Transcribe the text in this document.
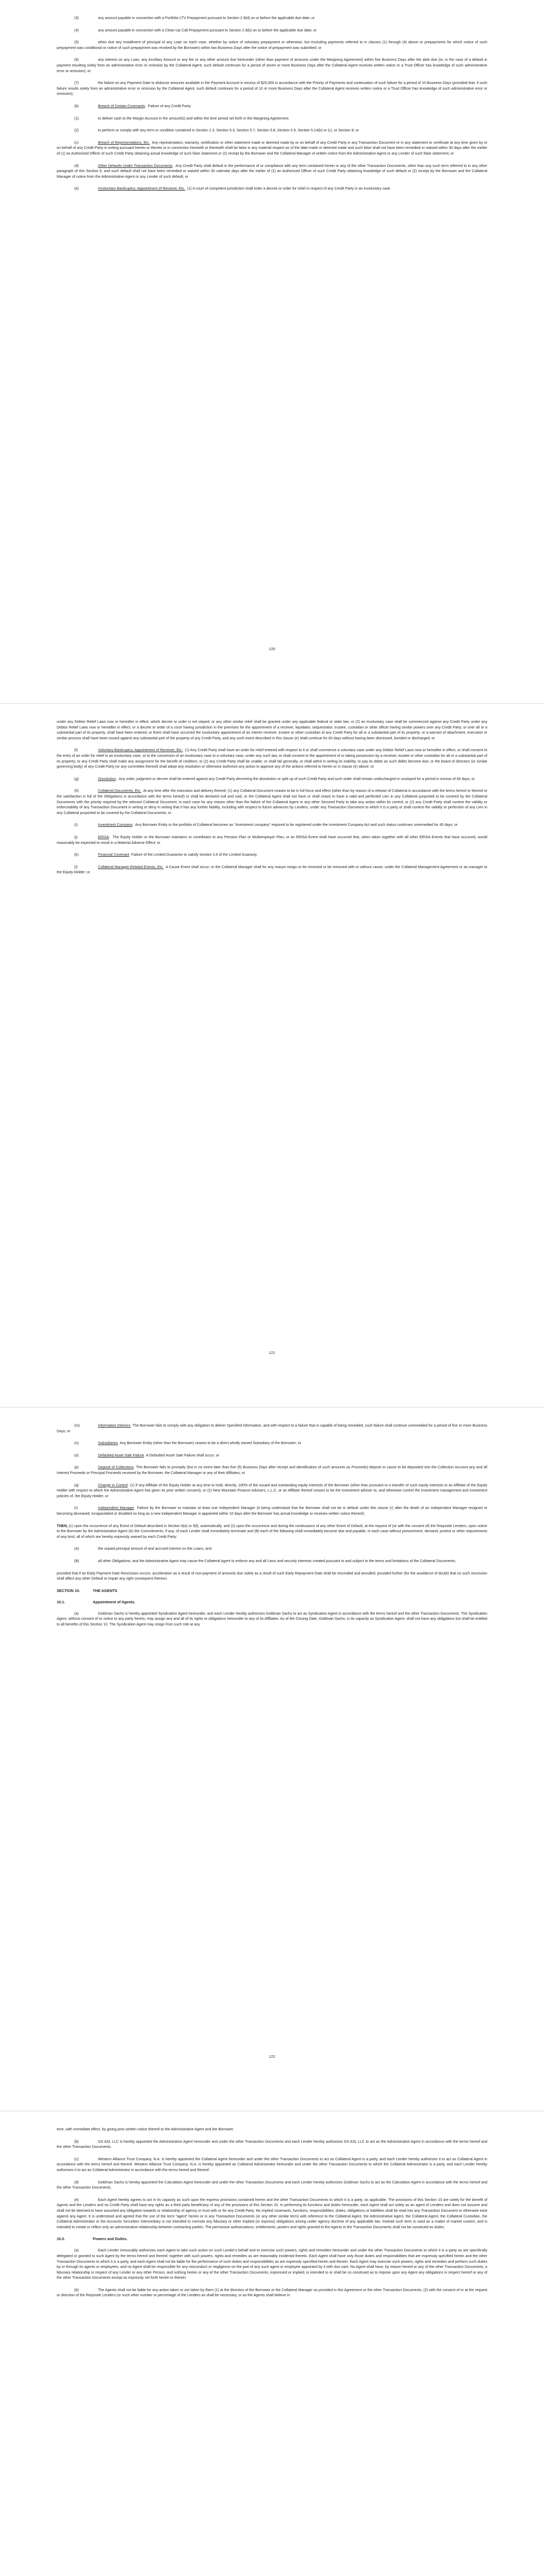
(3)	any amount payable in connection with a Portfolio LTV Prepayment pursuant to Section 2.9(d) on or before the applicable due date; or

(4)	any amount payable in connection with a Clean-Up Call Prepayment pursuant to Section 2.9(b) on or before the applicable due date; or

(5)	when due any installment of principal of any Loan on each case, whether by notice of voluntary prepayment or otherwise, but excluding payments referred to in clauses (1) through (4) above or prepayments for which notice of such prepayment was conditional or notice of such prepayment was revoked by the Borrower) within two Business Days after the notice of prepayment was submitted; or

(6)	any interest on any Loan, any Ancillary Amount or any fee or any other amount due hereunder (other than payment of amounts under the Margining Agreement) within five Business Days after the date due (or, in the case of a default in payment resulting solely from an administrative error or omission by the Collateral Agent, such default continues for a period of seven or more Business Days after the Collateral Agent receives written notice or a Trust Officer has knowledge of such administrative error or omission); or

(7)	the failure on any Payment Date to disburse amounts available in the Payment Account in excess of $25,000 in accordance with the Priority of Payments and continuation of such failure for a period of 10 Business Days (provided that, if such failure results solely from an administrative error or omission by the Collateral Agent, such default continues for a period of 10 or more Business Days after the Collateral Agent receives written notice or a Trust Officer has knowledge of such administrative error or omission);

(b)	Breach of Certain Covenants.  Failure of any Credit Party:

(1)	to deliver cash to the Margin Account in the amount(s) and within the time period set forth in the Margining Agreement;

(2)	to perform or comply with any term or condition contained in Section 2.3, Section 5.3, Section 5.7, Section 5.8, Section 5.9, Section 5.14(b) or (c), or Section 8; or

(c)	Breach of Representations, Etc.  Any representation, warranty, certification or other statement made or deemed made by or on behalf of any Credit Party in any Transaction Document or in any statement or certificate at any time given by or on behalf of any Credit Party in writing pursuant hereto or thereto or in connection herewith or therewith shall be false in any material respect as of the date made or deemed made and such false shall not have been remedied or waived within 30 days after the earlier of (1) an Authorized Officer of such Credit Party obtaining actual knowledge of such false statement or (2) receipt by the Borrower and the Collateral Manager of written notice from the Administrative Agent or any Lender of such false statement; or

(d)	Other Defaults Under Transaction Documents.  Any Credit Party shall default in the performance of or compliance with any term contained herein or any of the other Transaction Documents, other than any such term referred to in any other paragraph of this Section 9, and such default shall not have been remedied or waived within 30 calendar days after the earlier of (1) an Authorized Officer of such Credit Party obtaining knowledge of such default or (2) receipt by the Borrower and the Collateral Manager of notice from the Administrative Agent or any Lender of such default; or

(e)	Involuntary Bankruptcy; Appointment of Receiver, Etc.  (1) A court of competent jurisdiction shall enter a decree or order for relief in respect of any Credit Party in an involuntary case

120

under any Debtor Relief Laws now or hereafter in effect, which decree or order is not stayed; or any other similar relief shall be granted under any applicable federal or state law; or (2) an involuntary case shall be commenced against any Credit Party under any Debtor Relief Laws now or hereafter in effect; or a decree or order of a court having jurisdiction in the premises for the appointment of a receiver, liquidator, sequestrator, trustee, custodian or other officer having similar powers over any Credit Party, or over all or a substantial part of its property, shall have been entered; or there shall have occurred the involuntary appointment of an interim receiver, trustee or other custodian of any Credit Party for all or a substantial part of its property; or a warrant of attachment, execution or similar process shall have been issued against any substantial part of the property of any Credit Party, and any such event described in this clause (e) shall continue for 60 days without having been dismissed, bonded or discharged; or

(f)	Voluntary Bankruptcy; Appointment of Receiver, Etc.  (1) Any Credit Party shall have an order for relief entered with respect to it or shall commence a voluntary case under any Debtor Relief Laws now or hereafter in effect, or shall consent to the entry of an order for relief in an involuntary case, or to the conversion of an involuntary case to a voluntary case, under any such law, or shall consent to the appointment of or taking possession by a receiver, trustee or other custodian for all or a substantial part of its property; or any Credit Party shall make any assignment for the benefit of creditors; or (2) any Credit Party shall be unable, or shall fail generally, or shall admit in writing its inability, to pay its debts as such debts become due; or the board of directors (or similar governing body) of any Credit Party (or any committee thereof) shall adopt any resolution or otherwise authorize any action to approve any of the actions referred to herein or in clause (e) above; or

(g)	Dissolution.  Any order, judgment or decree shall be entered against any Credit Party decreeing the dissolution or split up of such Credit Party and such order shall remain undischarged or unstayed for a period in excess of 60 days; or

(h)	Collateral Documents, Etc.  At any time after the execution and delivery thereof, (1) any Collateral Document ceases to be in full force and effect (other than by reason of a release of Collateral in accordance with the terms hereof or thereof or the satisfaction in full of the Obligations in accordance with the terms hereof) or shall be declared null and void, or the Collateral Agent shall not have or shall cease to have a valid and perfected Lien in any Collateral purported to be covered by the Collateral Documents with the priority required by the relevant Collateral Document, in each case for any reason other than the failure of the Collateral Agent or any other Secured Party to take any action within its control; or (2) any Credit Party shall contest the validity or enforceability of any Transaction Document in writing or deny in writing that it has any further liability, including with respect to future advances by Lenders, under any Transaction Document to which it is a party or shall contest the validity or perfection of any Lien in any Collateral purported to be covered by the Collateral Documents; or

(i)	Investment Company.  Any Borrower Entity or the portfolio of Collateral becomes an "investment company" required to be registered under the Investment Company Act and such status continues unremedied for 45 days; or

(j)	ERISA.  The Equity Holder or the Borrower maintains or contributes to any Pension Plan or Multiemployer Plan; or an ERISA Event shall have occurred that, when taken together with all other ERISA Events that have occurred, would reasonably be expected to result in a Material Adverse Effect; or

(k)	Financial Covenant  Failure of the Limited Guarantor to satisfy Section 3.4 of the Limited Guaranty.

(l)	Collateral Manager-Related Events, Etc.  A Cause Event shall occur; or the Collateral Manager shall for any reason resign or be removed or be removed with or without cause, under the Collateral Management Agreement or as manager to the Equity Holder; or

121

(m)	Information Delivery  The Borrower fails to comply with any obligation to deliver Specified Information, and with respect to a failure that is capable of being remedied, such failure shall continue unremedied for a period of five or more Business Days; or

(n)	Subsidiaries  Any Borrower Entity (other than the Borrower) ceases to be a direct wholly owned Subsidiary of the Borrower; or

(o)	Defaulted Asset Sale Failure  A Defaulted Asset Sale Failure shall occur; or

(p)	Deposit of Collections  The Borrower fails to promptly (but in no event later than five (5) Business Days after receipt and identification of such amounts as Proceeds) deposit or cause to be deposited into the Collection Account any and all Interest Proceeds or Principal Proceeds received by the Borrower, the Collateral Manager or any of their Affiliates; or

(q)	Change in Control  (1) If any Affiliate of the Equity Holder at any time to hold, directly, 100% of the issued and outstanding equity interests of the Borrower (other than pursuant to a transfer of such equity interests to an Affiliate of the Equity Holder with respect to which the Administrative Agent has given its prior written consent), or (2) New Mountain Finance Advisers, L.L.C. or an Affiliate thereof ceases to be the investment adviser to, and otherwise control the investment management and investment policies of, the Equity Holder; or

(r)	Independent Manager  Failure by the Borrower to maintain at least one Independent Manager (it being understood that the Borrower shall not be in default under this clause (r) after the death of an Independent Manager resigned or becoming deceased, incapacitated or disabled so long as a new Independent Manager is appointed within 10 days after the Borrower has actual knowledge or receives written notice thereof);

THEN, (1) upon the occurrence of any Event of Default described in Section 9(e) or 9(f), automatically, and (2) upon the occurrence and during the continuance of any other Event of Default, at the request of (or with the consent of) the Requisite Lenders, upon notice to the Borrower by the Administrative Agent (A) the Commitments, if any, of each Lender shall immediately terminate and (B) each of the following shall immediately become due and payable, in each case without presentment, demand, protest or other requirements of any kind, all of which are hereby expressly waived by each Credit Party:

(A)	the unpaid principal amount of and accrued interest on the Loans, and

(B)	all other Obligations; and the Administrative Agent may cause the Collateral Agent to enforce any and all Liens and security interests created pursuant to and subject to the terms and limitations of the Collateral Documents;

provided that if an Early Payment Date Rescission occurs, acceleration as a result of non-payment of amounts due solely as a result of such Early Repayment Date shall be rescinded and annulled; provided further (for the avoidance of doubt) that no such rescission shall affect any other Default or impair any right consequent thereon.

SECTION 10.	THE AGENTS
10.1.	Appointment of Agents.

(a)	Goldman Sachs is hereby appointed Syndication Agent hereunder, and each Lender hereby authorizes Goldman Sachs to act as Syndication Agent in accordance with the terms hereof and the other Transaction Documents. The Syndication Agent, without consent of or notice to any party hereto, may assign any and all of its rights or obligations hereunder to any of its Affiliates. As of the Closing Date, Goldman Sachs, in its capacity as Syndication Agent, shall not have any obligations but shall be entitled to all benefits of this Section 10. The Syndication Agent may resign from such role at any

122

time, with immediate effect, by giving prior written notice thereof to the Administrative Agent and the Borrower.

(b)	GS ASL LLC is hereby appointed the Administrative Agent hereunder and under the other Transaction Documents and each Lender hereby authorizes GS ASL LLC to act as the Administrative Agent in accordance with the terms hereof and the other Transaction Documents.

(c)	Western Alliance Trust Company, N.A. is hereby appointed the Collateral Agent hereunder and under the other Transaction Documents to act as Collateral Agent is a party, and each Lender hereby authorizes it to act as Collateral Agent in accordance with the terms hereof and thereof. Western Alliance Trust Company, N.A. is hereby appointed as Collateral Administrator hereunder and under the other Transaction Documents to which the Collateral Administrator is a party, and each Lender hereby authorizes it to act as Collateral Administrator in accordance with the terms hereof and thereof.

(d)	Goldman Sachs is hereby appointed the Calculation Agent hereunder and under the other Transaction Documents and each Lender hereby authorizes Goldman Sachs to act as the Calculation Agent in accordance with the terms hereof and the other Transaction Documents.

(e)	Each Agent hereby agrees to act in its capacity as such upon the express provisions contained herein and the other Transaction Documents to which it is a party, as applicable. The provisions of this Section 10 are solely for the benefit of Agents and the Lenders and no Credit Party shall have any rights as a third party beneficiary of any of the provisions of this Section 10. In performing its functions and duties hereunder, each Agent shall act solely as an agent of Lenders and does not assume and shall not be deemed to have assumed any obligation towards or relationship of agency or trust with or for any Credit Party. No implied covenants, functions, responsibilities, duties, obligations or liabilities shall be read into any Transaction Document or otherwise exist against any Agent. It is understood and agreed that the use of the term "agent" herein or in any Transaction Documents (or any other similar term) with reference to the Collateral Agent, the Administrative Agent, the Collateral Agent, the Collateral Custodian, the Collateral Administrator or the Accounts Securities Intermediary is not intended to connote any fiduciary or other implied (or express) obligations arising under agency doctrine of any applicable law. Instead such term is used as a matter of market custom, and is intended to create or reflect only an administrative relationship between contracting parties. The permissive authorizations, entitlements, powers and rights granted to the Agents in the Transaction Documents shall not be construed as duties.

10.2.	Powers and Duties.

(a)	Each Lender irrevocably authorizes each Agent to take such action on such Lender's behalf and to exercise such powers, rights and remedies hereunder and under the other Transaction Documents to which it is a party as are specifically delegated or granted to such Agent by the terms hereof and thereof, together with such powers, rights and remedies as are reasonably incidental thereto. Each Agent shall have only those duties and responsibilities that are expressly specified herein and the other Transaction Documents to which it is a party, and each Agent shall not be liable for the performance of such duties and responsibilities as are expressly specified herein and therein. Each Agent may exercise such powers, rights and remedies and perform such duties by or through its agents or employees, and no Agent shall be responsible for any misconduct or negligence on the part of any such agent or employee appointed by it with due care. No Agent shall have, by reason hereof or any of the other Transaction Documents, a fiduciary relationship in respect of any Lender or any other Person; and nothing herein or any of the other Transaction Documents, expressed or implied, is intended to or shall be so construed as to impose upon any Agent any obligations in respect hereof or any of the other Transaction Documents except as expressly set forth herein or therein.

(b)	The Agents shall not be liable for any action taken or not taken by them (1) at the direction of the Borrower or the Collateral Manager as provided in this Agreement or the other Transaction Documents, (2) with the consent of or at the request or direction of the Requisite Lenders (or such other number or percentage of the Lenders as shall be necessary, or as the Agents shall believe in
